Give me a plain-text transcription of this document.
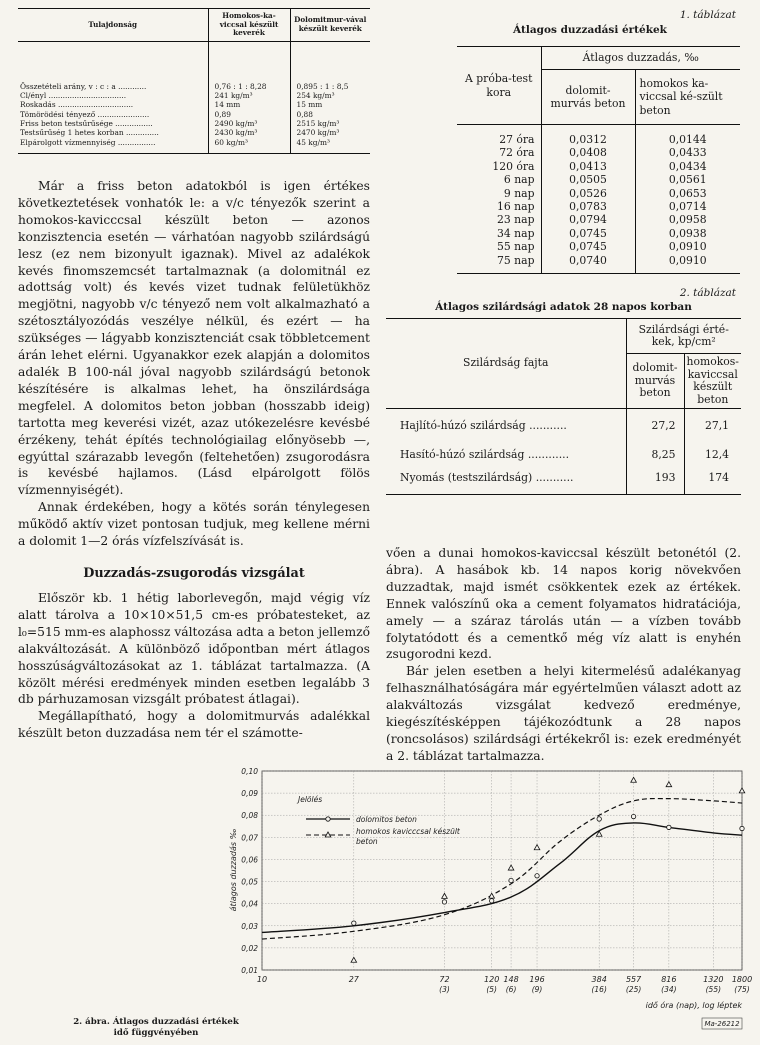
Tulajdonság	Homokos-ka-viccsal készült keverék	Dolomitmur-vával készült keverék
Összetételi arány, v : c : a ............	0,76 : 1 : 8,28	0,895 : 1 : 8,5
Cl/ényl .................................	241 kg/m³	254 kg/m³
Roskadás ................................	14 mm	15 mm
Tömörödési tényező ......................	0,89	0,88
Friss beton testsűrűsége ................	2490 kg/m³	2515 kg/m³
Testsűrűség 1 hetes korban ..............	2430 kg/m³	2470 kg/m³
Elpárolgott vízmennyiség ................	60 kg/m³	45 kg/m³

Már a friss beton adatokból is igen értékes következtetések vonhatók le: a v/c tényezők szerint a homokos-kavicccsal készült beton — azonos konzisztencia esetén — várhatóan nagyobb szilárdságú lesz (ez nem bizonyult igaznak). Mivel az adalékok kevés finomszemcsét tartalmaznak (a dolomitnál ez adottság volt) és kevés vizet tudnak felületükhöz megjötni, nagyobb v/c tényező nem volt alkalmazható a szétosztályozódás veszélye nélkül, és ezért — ha szükséges — lágyabb konzisztenciát csak többletcement árán lehet elérni. Ugyanakkor ezek alapján a dolomitos adalék B 100-nál jóval nagyobb szilárdságú betonok készítésére is alkalmas lehet, ha önszilárdsága megfelel. A dolomitos beton jobban (hosszabb ideig) tartotta meg keverési vizét, azaz utókezelésre kevésbé érzékeny, tehát építés technológiailag előnyösebb —, egyúttal szárazabb levegőn (feltehetően) zsugorodásra is kevésbé hajlamos. (Lásd elpárolgott fölös vízmennyiségét).

Annak érdekében, hogy a kötés során ténylegesen működő aktív vizet pontosan tudjuk, meg kellene mérni a dolomit 1—2 órás vízfelszívását is.

Duzzadás-zsugorodás vizsgálat

Először kb. 1 hétig laborlevegőn, majd végig víz alatt tárolva a 10×10×51,5 cm-es próbatesteket, az l₀=515 mm-es alaphossz változása adta a beton jellemző alakváltozását. A különböző időpontban mért átlagos hosszúságváltozásokat az 1. táblázat tartalmazza. (A közölt mérési eredmények minden esetben legalább 3 db párhuzamosan vizsgált próbatest átlagai).

Megállapítható, hogy a dolomitmurvás adalékkal készült beton duzzadása nem tér el számotte-

1. táblázat
Átlagos duzzadási értékek
A próba-test kora	Átlagos duzzadás, ‰	
	dolomit-murvás beton	homokos ka-viccsal ké-szült beton
27 óra	0,0312	0,0144
72 óra	0,0408	0,0433
120 óra	0,0413	0,0434
6 nap	0,0505	0,0561
9 nap	0,0526	0,0653
16 nap	0,0783	0,0714
23 nap	0,0794	0,0958
34 nap	0,0745	0,0938
55 nap	0,0745	0,0910
75 nap	0,0740	0,0910
2. táblázat
Átlagos szilárdsági adatok 28 napos korban
Szilárdság fajta	Szilárdsági érté-kek, kp/cm²	
	dolomit-murvás beton	homokos-kaviccsal készült beton
Hajlító-húzó szilárdság ...........	27,2	27,1
Hasító-húzó szilárdság ............	8,25	12,4
Nyomás (testszilárdság) ...........	193	174

vően a dunai homokos-kaviccsal készült betonétól (2. ábra). A hasábok kb. 14 napos korig növekvően duzzadtak, majd ismét csökkentek ezek az értékek. Ennek valószínű oka a cement folyamatos hidratációja, amely — a száraz tárolás után — a vízben tovább folytatódott és a cementkő még víz alatt is enyhén zsugorodni kezd.

Bár jelen esetben a helyi kitermelésű adalékanyag felhasználhatóságára már egyértelműen választ adott az alakváltozás vizsgálat kedvező eredménye, kiegészítésképpen tájékozódtunk a 28 napos (roncsolásos) szilárdsági értékekről is: ezek eredményét a 2. táblázat tartalmazza.

0,01
0,02
0,03
0,04
0,05
0,06
0,07
0,08
0,09
0,10
10	27	72
(3)
120
(5)
148
(6)
196
(9)
384
(16)
557
(25)
816
(34)
1320
(55)
1800
(75)
átlagos duzzadás ‰
idő óra (nap), log léptek
Ma-26212
Jelölés
dolomitos beton
homokos kavicccsal készült
beton
2. ábra. Átlagos duzzadási értékek
idő függvényében
